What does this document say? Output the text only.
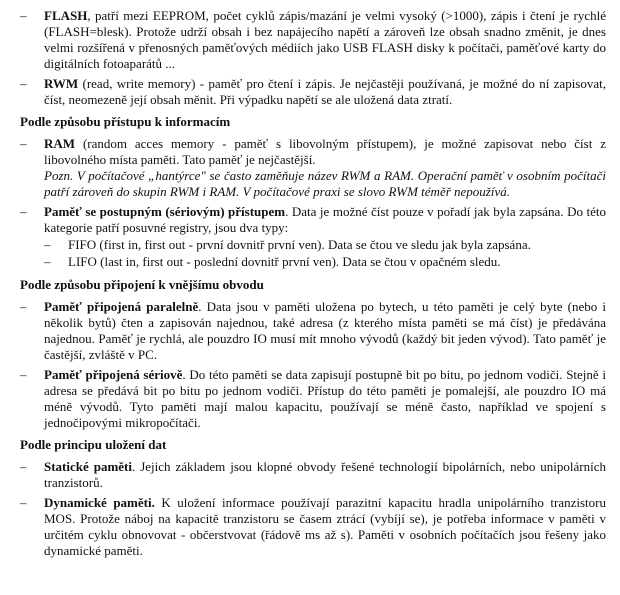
–	FLASH, patří mezi EEPROM, počet cyklů zápis/mazání je velmi vysoký (>1000), zápis i čtení je rychlé (FLASH=blesk). Protože udrží obsah i bez napájecího napětí a zároveň lze obsah snadno změnit, je dnes velmi rozšířená v přenosných paměťových médiích jako USB FLASH disky k počítači, paměťové karty do digitálních fotoaparátů ...
–	RWM (read, write memory) - paměť pro čtení i zápis. Je nejčastěji používaná, je možné do ní zapisovat, číst, neomezeně její obsah měnit. Při výpadku napětí se ale uložená data ztratí.
Podle způsobu přístupu k informacím
–	RAM (random acces memory - paměť s libovolným přístupem), je možné zapisovat nebo číst z libovolného místa paměti. Tato paměť je nejčastější.
Pozn. V počítačové „hantýrce" se často zaměňuje název RWM a RAM. Operační paměť v osobním počítači patří zároveň do skupin RWM i RAM. V počítačové praxi se slovo RWM téměř nepoužívá.
–	Paměť se postupným (sériovým) přístupem. Data je možné číst pouze v pořadí jak byla zapsána. Do této kategorie patří posuvné registry, jsou dva typy:
–	FIFO (first in, first out - první dovnitř první ven). Data se čtou ve sledu jak byla zapsána.
–	LIFO (last in, first out - poslední dovnitř první ven). Data se čtou v opačném sledu.
Podle způsobu připojení k vnějšímu obvodu
–	Paměť připojená paralelně. Data jsou v paměti uložena po bytech, u této paměti je celý byte (nebo i několik bytů) čten a zapisován najednou, také adresa (z kterého místa paměti se má číst) je předávána najednou. Paměť je rychlá, ale pouzdro IO musí mít mnoho vývodů (každý bit jeden vývod). Tato paměť je častější, zvláště v PC.
–	Paměť připojená sériově. Do této paměti se data zapisují postupně bit po bitu, po jednom vodiči. Stejně i adresa se předává bit po bitu po jednom vodiči. Přístup do této paměti je pomalejší, ale pouzdro IO má méně vývodů. Tyto paměti mají malou kapacitu, používají se méně často, například ve spojení s jednočipovými mikropočítači.
Podle principu uložení dat
–	Statické paměti. Jejich základem jsou klopné obvody řešené technologií bipolárních, nebo unipolárních tranzistorů.
–	Dynamické paměti. K uložení informace používají parazitní kapacitu hradla unipolárního tranzistoru MOS. Protože náboj na kapacitě tranzistoru se časem ztrácí (vybíjí se), je potřeba informace v paměti v určitém cyklu obnovovat - občerstvovat (řádově ms až s). Paměti v osobních počítačích jsou řešeny jako dynamické paměti.
